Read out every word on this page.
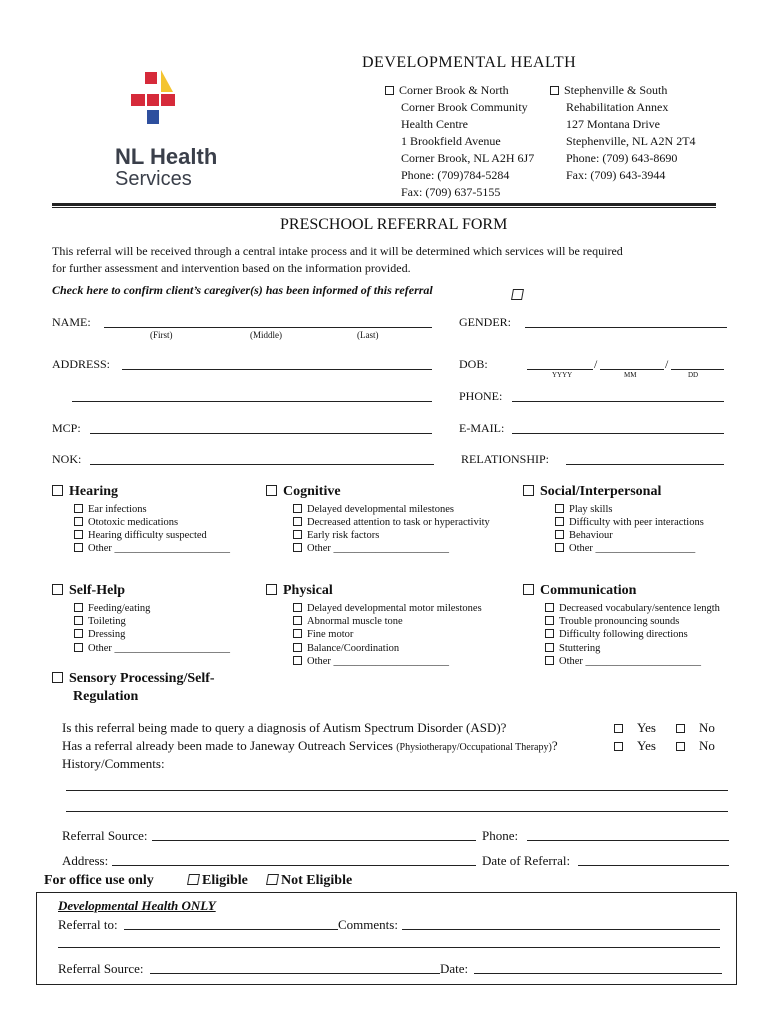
NL Health
Services
DEVELOPMENTAL HEALTH
Corner Brook & North
Corner Brook Community
Health Centre
1 Brookfield Avenue
Corner Brook, NL A2H 6J7
Phone: (709)784-5284
Fax: (709) 637-5155
Stephenville & South
Rehabilitation Annex
127 Montana Drive
Stephenville, NL A2N 2T4
Phone: (709) 643-8690
Fax: (709) 643-3944
PRESCHOOL REFERRAL FORM
This referral will be received through a central intake process and it will be determined which services will be required
for further assessment and intervention based on the information provided.
Check here to confirm client’s caregiver(s) has been informed of this referral
NAME:
(First)	(Middle)	(Last)
GENDER:
ADDRESS:	DOB:	/	/
YYYY	MM	DD
PHONE:
MCP:	E-MAIL:
NOK:	RELATIONSHIP:
Hearing
Ear infections
Ototoxic medications
Hearing difficulty suspected
Other ______________________
Cognitive
Delayed developmental milestones
Decreased attention to task or hyperactivity
Early risk factors
Other ______________________
Social/Interpersonal
Play skills
Difficulty with peer interactions
Behaviour
Other ___________________
Self-Help
Feeding/eating
Toileting
Dressing
Other ______________________
Physical
Delayed developmental motor milestones
Abnormal muscle tone
Fine motor
Balance/Coordination
Other ______________________
Communication
Decreased vocabulary/sentence length
Trouble pronouncing sounds
Difficulty following directions
Stuttering
Other ______________________
Sensory Processing/Self-
Regulation
Is this referral being made to query a diagnosis of Autism Spectrum Disorder (ASD)?
Has a referral already been made to Janeway Outreach Services (Physiotherapy/Occupational Therapy)?
History/Comments:
Yes	No
Yes	No
Referral Source:	Phone:
Address:	Date of Referral:
For office use only	Eligible	Not Eligible
Developmental Health ONLY
Referral to:	Comments:
Referral Source:	Date:
